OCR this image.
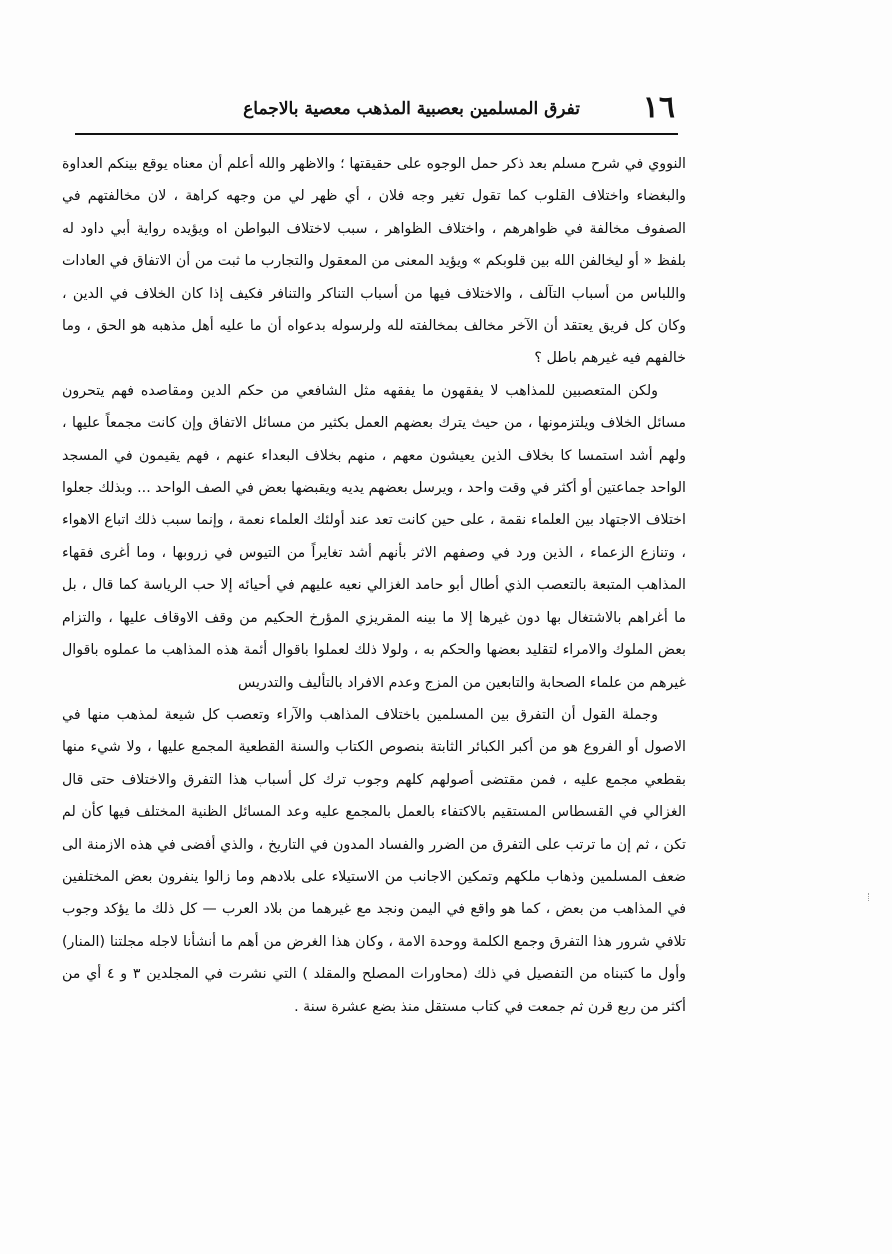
١٦
تفرق المسلمين بعصبية المذهب معصية بالاجماع

النووي في شرح مسلم بعد ذكر حمل الوجوه على حقيقتها ؛ والاظهر والله أعلم أن معناه يوقع بينكم العداوة والبغضاء واختلاف القلوب كما تقول تغير وجه فلان ، أي ظهر لي من وجهه كراهة ، لان مخالفتهم في الصفوف مخالفة في ظواهرهم ، واختلاف الظواهر ، سبب لاختلاف البواطن اه ويؤيده رواية أبي داود له بلفظ « أو ليخالفن الله بين قلوبكم » ويؤيد المعنى من المعقول والتجارب ما ثبت من أن الاتفاق في العادات واللباس من أسباب التآلف ، والاختلاف فيها من أسباب التناكر والتنافر فكيف إذا كان الخلاف في الدين ، وكان كل فريق يعتقد أن الآخر مخالف بمخالفته لله ولرسوله بدعواه أن ما عليه أهل مذهبه هو الحق ، وما خالفهم فيه غيرهم باطل ؟

ولكن المتعصبين للمذاهب لا يفقهون ما يفقهه مثل الشافعي من حكم الدين ومقاصده فهم يتحرون مسائل الخلاف ويلتزمونها ، من حيث يترك بعضهم العمل بكثير من مسائل الاتفاق وإن كانت مجمعاً عليها ، ولهم أشد استمسا كا بخلاف الذين يعيشون معهم ، منهم بخلاف البعداء عنهم ، فهم يقيمون في المسجد الواحد جماعتين أو أكثر في وقت واحد ، ويرسل بعضهم يديه ويقبضها بعض في الصف الواحد ... وبذلك جعلوا اختلاف الاجتهاد بين العلماء نقمة ، على حين كانت تعد عند أولئك العلماء نعمة ، وإنما سبب ذلك اتباع الاهواء ، وتنازع الزعماء ، الذين ورد في وصفهم الاثر بأنهم أشد تغايراً من التيوس في زروبها ، وما أغرى فقهاء المذاهب المتبعة بالتعصب الذي أطال أبو حامد الغزالي نعيه عليهم في أحيائه إلا حب الرياسة كما قال ، بل ما أغراهم بالاشتغال بها دون غيرها إلا ما بينه المقريزي المؤرخ الحكيم من وقف الاوقاف عليها ، والتزام بعض الملوك والامراء لتقليد بعضها والحكم به ، ولولا ذلك لعملوا باقوال أئمة هذه المذاهب ما عملوه باقوال غيرهم من علماء الصحابة والتابعين من المزج وعدم الافراد بالتأليف والتدريس

وجملة القول أن التفرق بين المسلمين باختلاف المذاهب والآراء وتعصب كل شيعة لمذهب منها في الاصول أو الفروع هو من أكبر الكبائر الثابتة بنصوص الكتاب والسنة القطعية المجمع عليها ، ولا شيء منها بقطعي مجمع عليه ، فمن مقتضى أصولهم كلهم وجوب ترك كل أسباب هذا التفرق والاختلاف حتى قال الغزالي في القسطاس المستقيم بالاكتفاء بالعمل بالمجمع عليه وعد المسائل الظنية المختلف فيها كأن لم تكن ، ثم إن ما ترتب على التفرق من الضرر والفساد المدون في التاريخ ، والذي أفضى في هذه الازمنة الى ضعف المسلمين وذهاب ملكهم وتمكين الاجانب من الاستيلاء على بلادهم وما زالوا ينفرون بعض المختلفين في المذاهب من بعض ، كما هو واقع في اليمن ونجد مع غيرهما من بلاد العرب — كل ذلك ما يؤكد وجوب تلافي شرور هذا التفرق وجمع الكلمة ووحدة الامة ، وكان هذا الغرض من أهم ما أنشأنا لاجله مجلتنا (المنار) وأول ما كتبناه من التفصيل في ذلك (محاورات المصلح والمقلد ) التي نشرت في المجلدين ٣ و ٤ أي من أكثر من ربع قرن ثم جمعت في كتاب مستقل منذ بضع عشرة سنة .
